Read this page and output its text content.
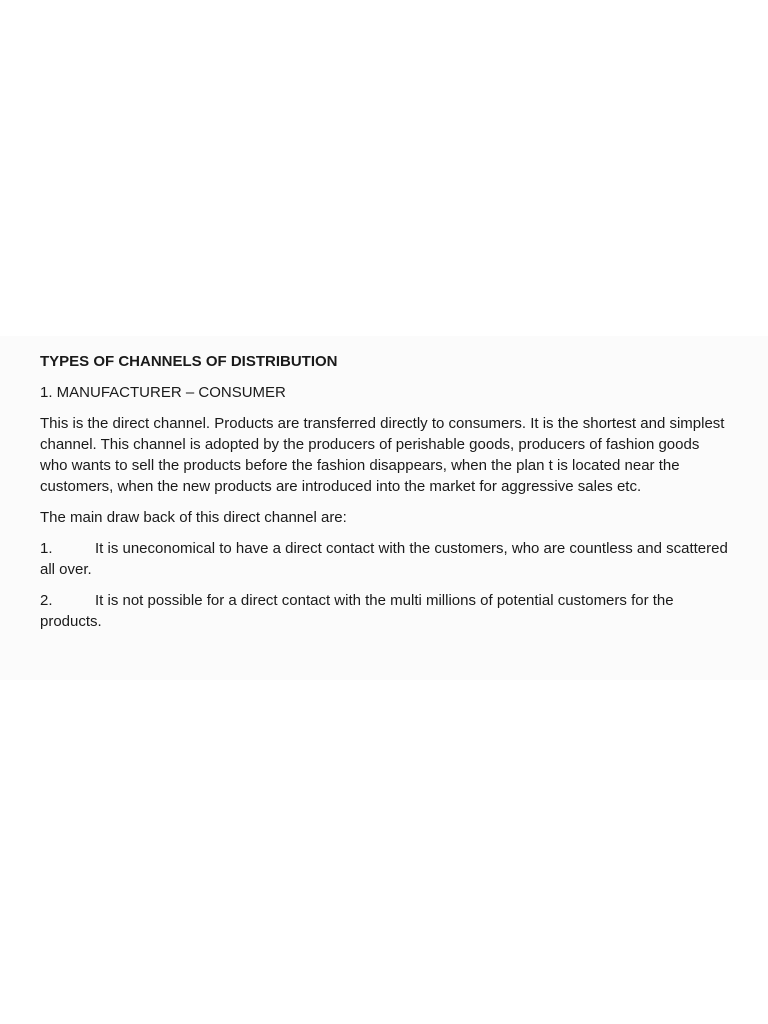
TYPES OF CHANNELS OF DISTRIBUTION
1. MANUFACTURER – CONSUMER
This is the direct channel. Products are transferred directly to consumers. It is the shortest and simplest channel. This channel is adopted by the producers of perishable goods, producers of fashion goods who wants to sell the products before the fashion disappears, when the plan t is located near the customers, when the new products are introduced into the market for aggressive sales etc.
The main draw back of this direct channel are:
1.	It is uneconomical to have a direct contact with the customers, who are countless and scattered all over.
2.	It is not possible for a direct contact with the multi millions of potential customers for the products.
